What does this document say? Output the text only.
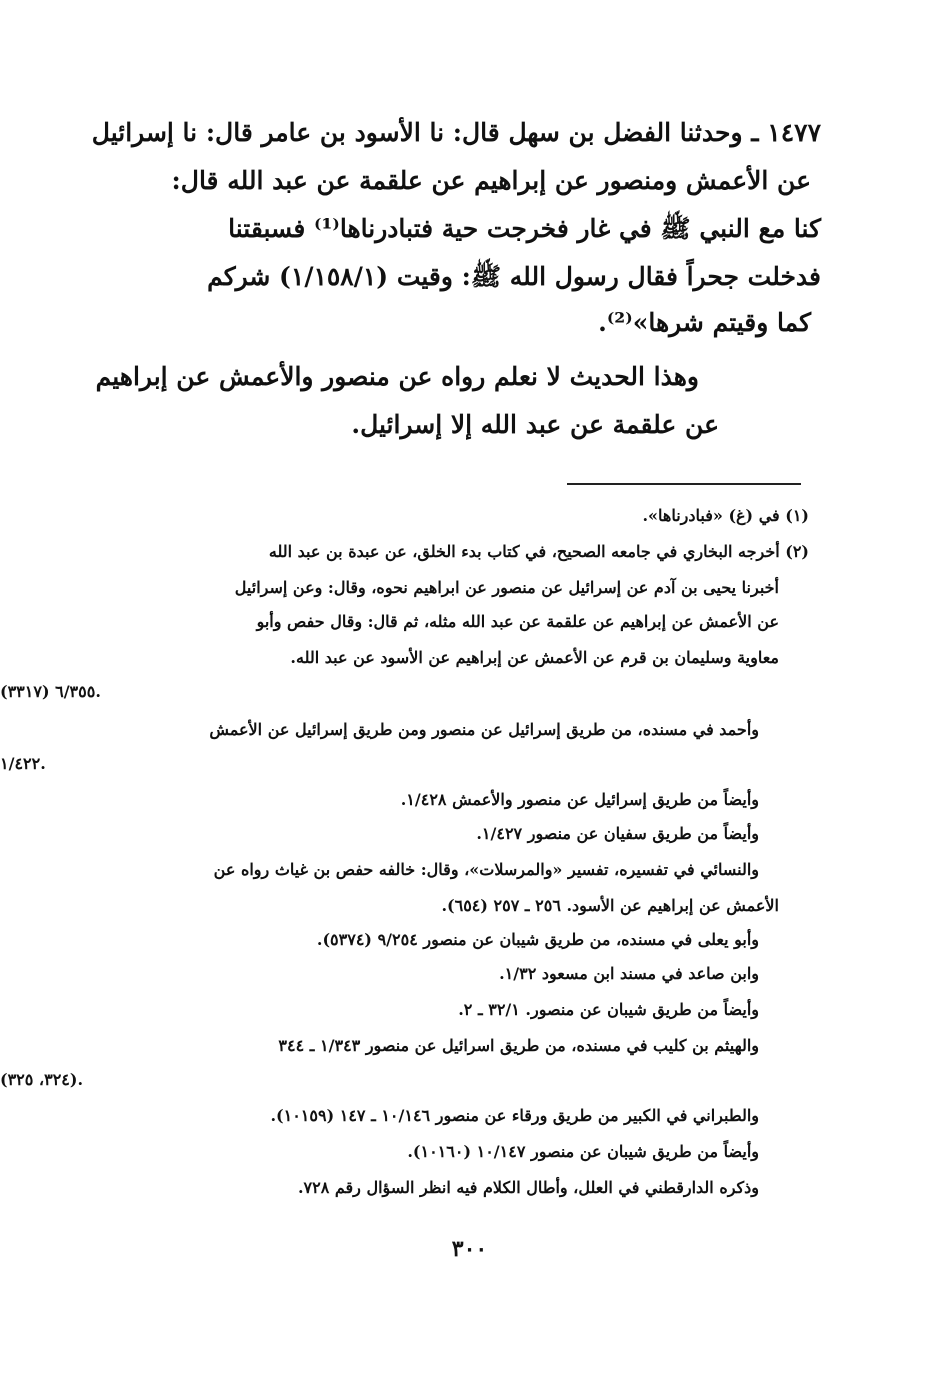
١٤٧٧ ـ وحدثنا الفضل بن سهل قال: نا الأسود بن عامر قال: نا إسرائيل
عن الأعمش ومنصور عن إبراهيم عن علقمة عن عبد الله قال:
كنا مع النبي ﷺ في غار فخرجت حية فتبادرناها⁽¹⁾ فسبقتنا
فدخلت جحراً فقال رسول الله ﷺ: وقيت (١/١٥٨/١) شركم
كما وقيتم شرها»⁽²⁾.
وهذا الحديث لا نعلم رواه عن منصور والأعمش عن إبراهيم
عن علقمة عن عبد الله إلا إسرائيل.
(١) في (غ) «فبادرناها».
(٢) أخرجه البخاري في جامعه الصحيح، في كتاب بدء الخلق، عن عبدة بن عبد الله
أخبرنا يحيى بن آدم عن إسرائيل عن منصور عن ابراهيم نحوه، وقال: وعن إسرائيل
عن الأعمش عن إبراهيم عن علقمة عن عبد الله مثله، ثم قال: وقال حفص وأبو
معاوية وسليمان بن قرم عن الأعمش عن إبراهيم عن الأسود عن عبد الله.
٦/٣٥٥ (٣٣١٧).
وأحمد في مسنده، من طريق إسرائيل عن منصور ومن طريق إسرائيل عن الأعمش
١/٤٢٢.
وأيضاً من طريق إسرائيل عن منصور والأعمش ١/٤٢٨.
وأيضاً من طريق سفيان عن منصور ١/٤٢٧.
والنسائي في تفسيره، تفسير «والمرسلات»، وقال: خالفه حفص بن غياث رواه عن
الأعمش عن إبراهيم عن الأسود. ٢٥٦ ـ ٢٥٧ (٦٥٤).
وأبو يعلى في مسنده، من طريق شيبان عن منصور ٩/٢٥٤ (٥٣٧٤).
وابن صاعد في مسند ابن مسعود ١/٣٢.
وأيضاً من طريق شيبان عن منصور. ٣٢/١ ـ ٢.
والهيثم بن كليب في مسنده، من طريق اسرائيل عن منصور ١/٣٤٣ ـ ٣٤٤
(٣٢٤، ٣٢٥).
والطبراني في الكبير من طريق ورقاء عن منصور ١٠/١٤٦ ـ ١٤٧ (١٠١٥٩).
وأيضاً من طريق شيبان عن منصور ١٠/١٤٧ (١٠١٦٠).
وذكره الدارقطني في العلل، وأطال الكلام فيه انظر السؤال رقم ٧٢٨.
٣٠٠
